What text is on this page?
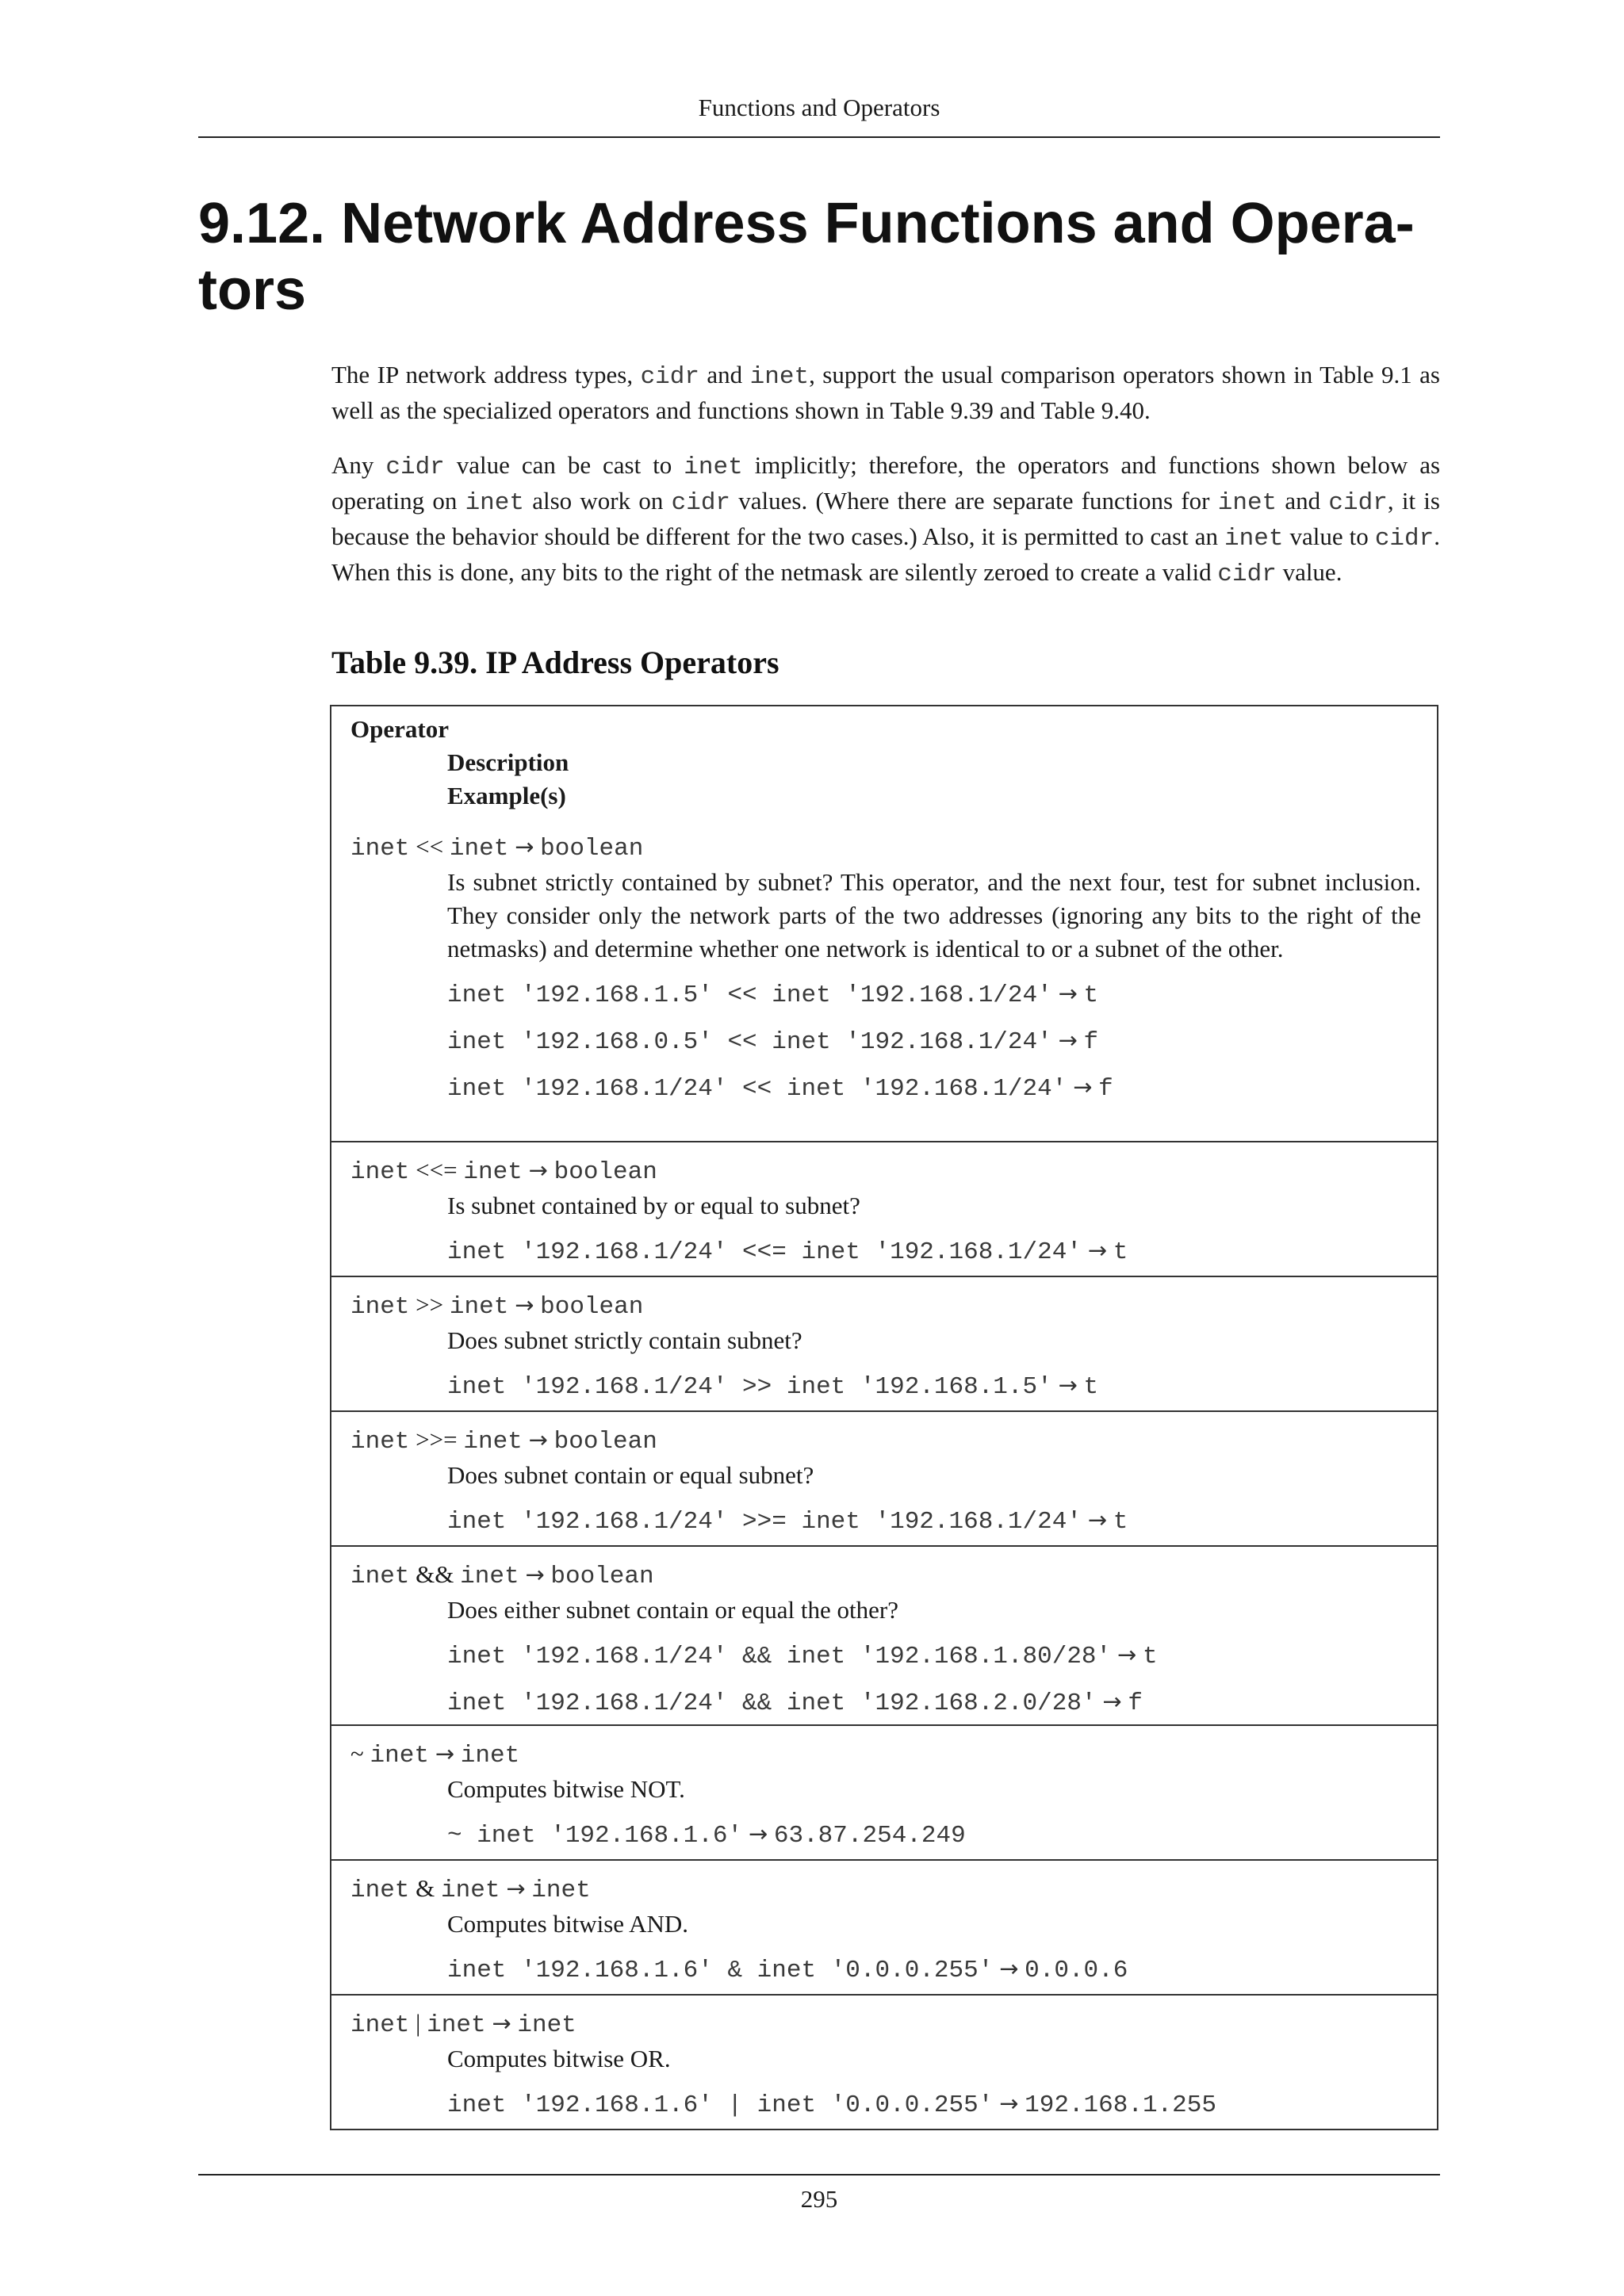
Functions and Operators
9.12. Network Address Functions and Opera-
tors

The IP network address types, cidr and inet, support the usual comparison operators shown in Table 9.1 as well as the specialized operators and functions shown in Table 9.39 and Table 9.40.

Any cidr value can be cast to inet implicitly; therefore, the operators and functions shown below as operating on inet also work on cidr values. (Where there are separate functions for inet and cidr, it is because the behavior should be different for the two cases.) Also, it is permitted to cast an inet value to cidr. When this is done, any bits to the right of the netmask are silently zeroed to create a valid cidr value.

Table 9.39. IP Address Operators
Operator
Description
Example(s)
inet << inet → boolean
Is subnet strictly contained by subnet? This operator, and the next four, test for subnet inclusion. They consider only the network parts of the two addresses (ignoring any bits to the right of the netmasks) and determine whether one network is identical to or a subnet of the other.
inet '192.168.1.5' << inet '192.168.1/24' → t
inet '192.168.0.5' << inet '192.168.1/24' → f
inet '192.168.1/24' << inet '192.168.1/24' → f
inet <<= inet → boolean
Is subnet contained by or equal to subnet?
inet '192.168.1/24' <<= inet '192.168.1/24' → t
inet >> inet → boolean
Does subnet strictly contain subnet?
inet '192.168.1/24' >> inet '192.168.1.5' → t
inet >>= inet → boolean
Does subnet contain or equal subnet?
inet '192.168.1/24' >>= inet '192.168.1/24' → t
inet && inet → boolean
Does either subnet contain or equal the other?
inet '192.168.1/24' && inet '192.168.1.80/28' → t
inet '192.168.1/24' && inet '192.168.2.0/28' → f
~ inet → inet
Computes bitwise NOT.
~ inet '192.168.1.6' → 63.87.254.249
inet & inet → inet
Computes bitwise AND.
inet '192.168.1.6' & inet '0.0.0.255' → 0.0.0.6
inet | inet → inet
Computes bitwise OR.
inet '192.168.1.6' | inet '0.0.0.255' → 192.168.1.255
295
